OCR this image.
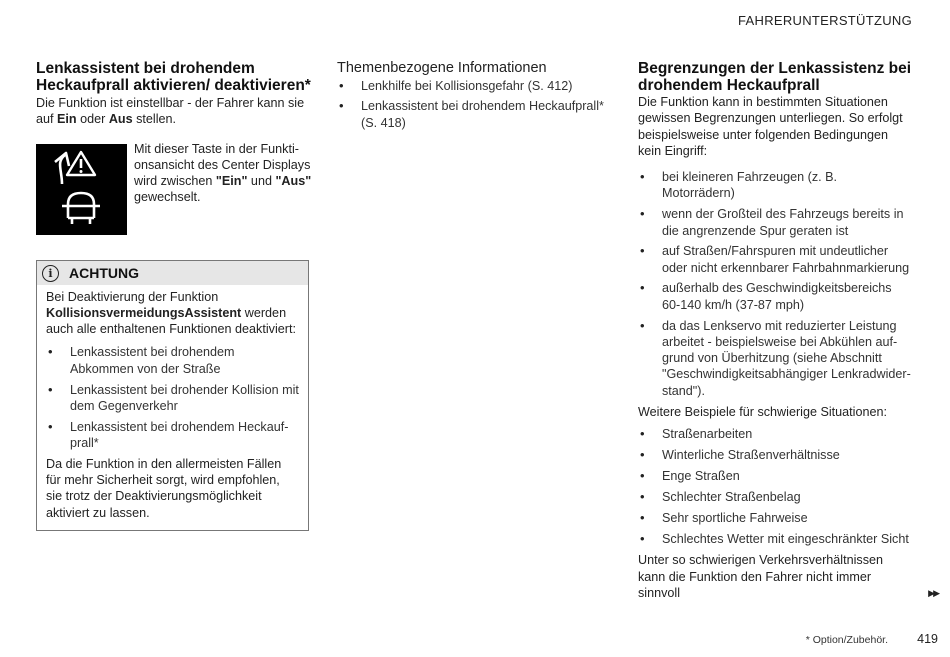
FAHRERUNTERSTÜTZUNG
Lenkassistent bei drohendem Heckaufprall aktivieren/ deaktivieren*

Die Funktion ist einstellbar - der Fahrer kann sie auf Ein oder Aus stellen.

Mit dieser Taste in der Funkti-onsansicht des Center Displays wird zwischen "Ein" und "Aus" gewechselt.

i	ACHTUNG

Bei Deaktivierung der Funktion KollisionsvermeidungsAssistent werden auch alle enthaltenen Funktionen deaktiviert:

• Lenkassistent bei drohendem Abkommen von der Straße
• Lenkassistent bei drohender Kollision mit dem Gegenverkehr
• Lenkassistent bei drohendem Heckauf-prall*

Da die Funktion in den allermeisten Fällen für mehr Sicherheit sorgt, wird empfohlen, sie trotz der Deaktivierungsmöglichkeit aktiviert zu lassen.

Themenbezogene Informationen
• Lenkhilfe bei Kollisionsgefahr (S. 412)
• Lenkassistent bei drohendem Heckaufprall* (S. 418)
Begrenzungen der Lenkassistenz bei drohendem Heckaufprall

Die Funktion kann in bestimmten Situationen gewissen Begrenzungen unterliegen. So erfolgt beispielsweise unter folgenden Bedingungen kein Eingriff:

• bei kleineren Fahrzeugen (z. B. Motorrädern)
• wenn der Großteil des Fahrzeugs bereits in die angrenzende Spur geraten ist
• auf Straßen/Fahrspuren mit undeutlicher oder nicht erkennbarer Fahrbahnmarkierung
• außerhalb des Geschwindigkeitsbereichs 60-140 km/h (37-87 mph)
• da das Lenkservo mit reduzierter Leistung arbeitet - beispielsweise bei Abkühlen auf-grund von Überhitzung (siehe Abschnitt "Geschwindigkeitsabhängiger Lenkradwider-stand").

Weitere Beispiele für schwierige Situationen:

• Straßenarbeiten
• Winterliche Straßenverhältnisse
• Enge Straßen
• Schlechter Straßenbelag
• Sehr sportliche Fahrweise
• Schlechtes Wetter mit eingeschränkter Sicht

Unter so schwierigen Verkehrsverhältnissen kann die Funktion den Fahrer nicht immer sinnvoll	▶▶
* Option/Zubehör. 419
